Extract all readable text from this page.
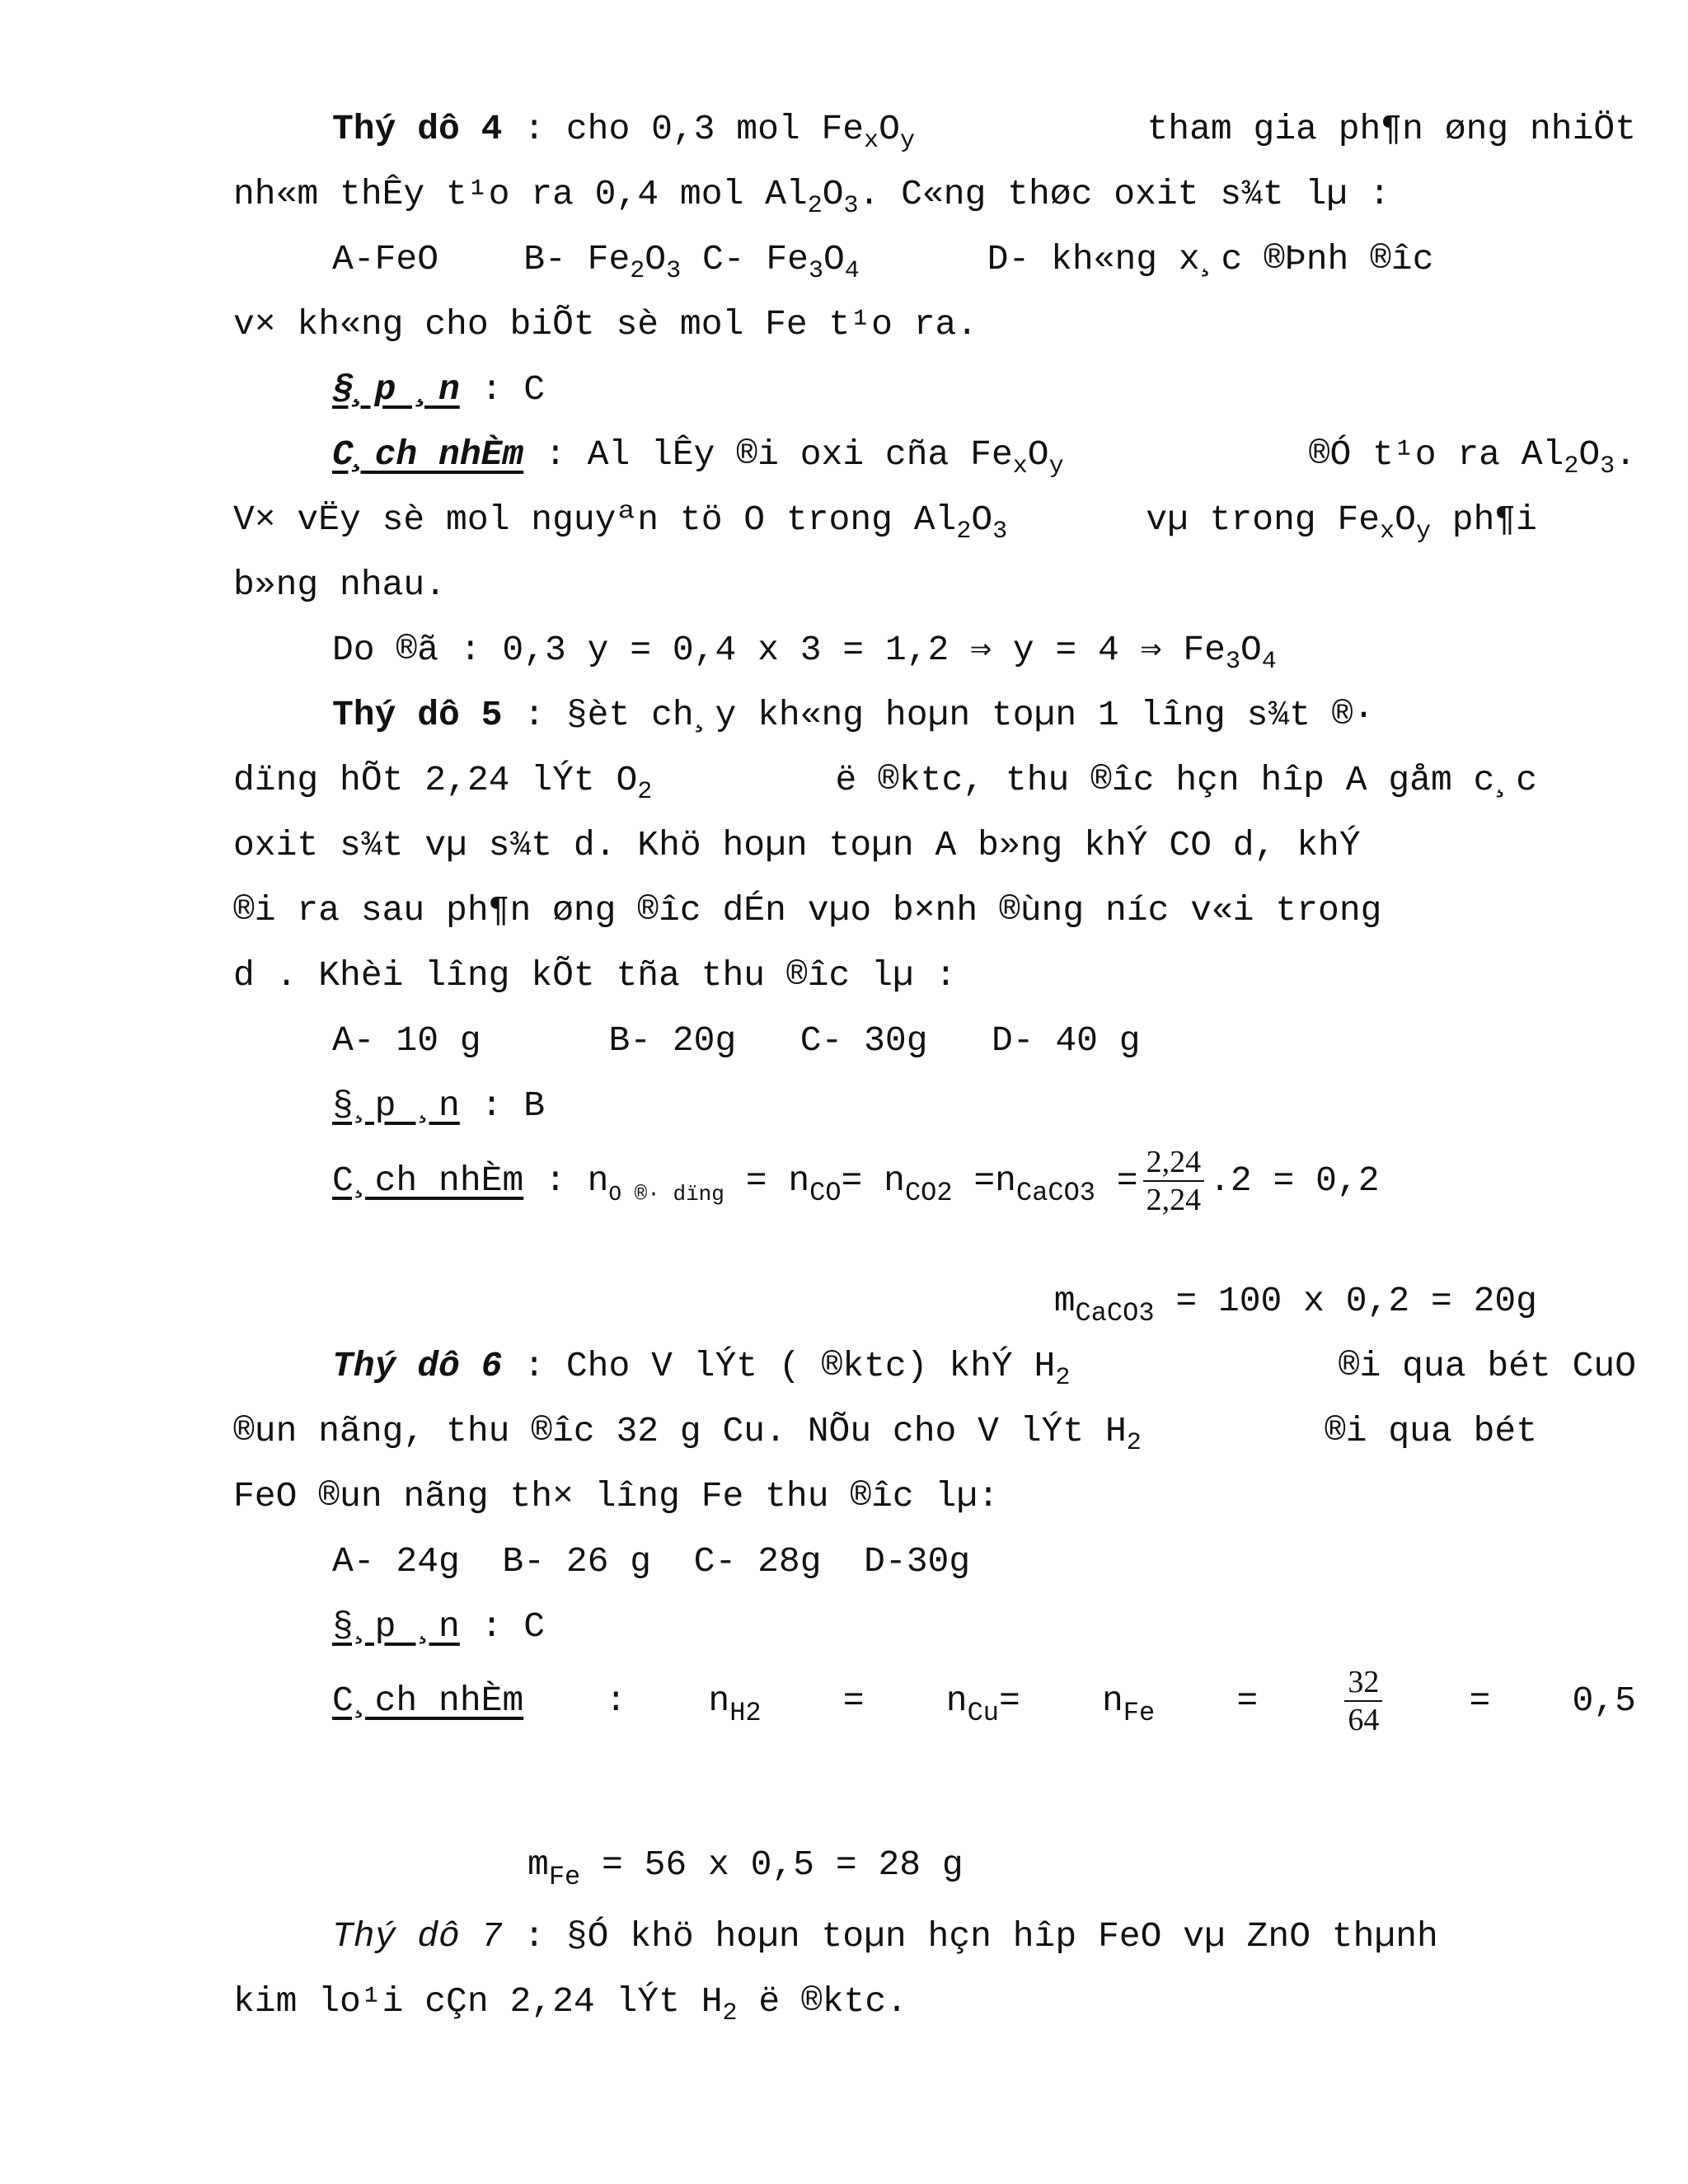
Thý dô 4 : cho 0,3 mol $Fe_xO_y$	tham gia ph¶n øng nhiÖt
nh«m thÊy t¹o ra 0,4 mol $Al_2O_3$. C«ng thøc oxit s¾t lµ :
A-FeO B- $Fe_2O_3$ C- $Fe_3O_4$	D- kh«ng x¸c ®Þnh ®îc
v× kh«ng cho biÕt sè mol Fe t¹o ra.
§¸p ¸n : C
C¸ch nhÈm : Al lÊy ®i oxi cña $Fe_xO_y$	®Ó t¹o ra $Al_2O_3$.
V× vËy sè mol nguyªn tö O trong $Al_2O_3$	vµ trong $Fe_xO_y$ ph¶i
b»ng nhau.
Do ®ã : 0,3 y = 0,4 x 3 = 1,2 ⇒ y = 4 ⇒ $Fe_3O_4$
Thý dô 5 : §èt ch¸y kh«ng hoµn toµn 1 lîng s¾t ®·
dïng hÕt 2,24 lÝt $O_2$	ë ®ktc, thu ®îc hçn hîp A gåm c¸c
oxit s¾t vµ s¾t d. Khö hoµn toµn A b»ng khÝ CO d, khÝ
®i ra sau ph¶n øng ®îc dÉn vµo b×nh ®ùng níc v«i trong
d . Khèi lîng kÕt tña thu ®îc lµ :
A- 10 g	B- 20g C- 30g D- 40 g
§¸p ¸n : B
C¸ch nhÈm : $n_{O ®\cdot dïng} = n_{CO}= n_{CO2} =n_{CaCO3} = \frac{2,24}{2,24} .2 = 0,2$
$m_{CaCO3} = 100$ x 0,2 = 20g
Thý dô 6 : Cho V lÝt ( ®ktc) khÝ $H_2$	®i qua bét CuO
®un nãng, thu ®îc 32 g Cu. NÕu cho V lÝt $H_2$	®i qua bét
FeO ®un nãng th× lîng Fe thu ®îc lµ:
A- 24g  B- 26 g  C- 28g  D-30g
§¸p ¸n : C
C¸ch nhÈm : $n_{H2} = n_{Cu}= n_{Fe}$ =	$\frac{32}{64} = 0,5$
$m_{Fe} = 56$ x 0,5 = 28 g
Thý dô 7 : §Ó khö hoµn toµn hçn hîp FeO vµ ZnO thµnh
kim lo¹i cÇn 2,24 lÝt $H_2$ ë ®ktc.
